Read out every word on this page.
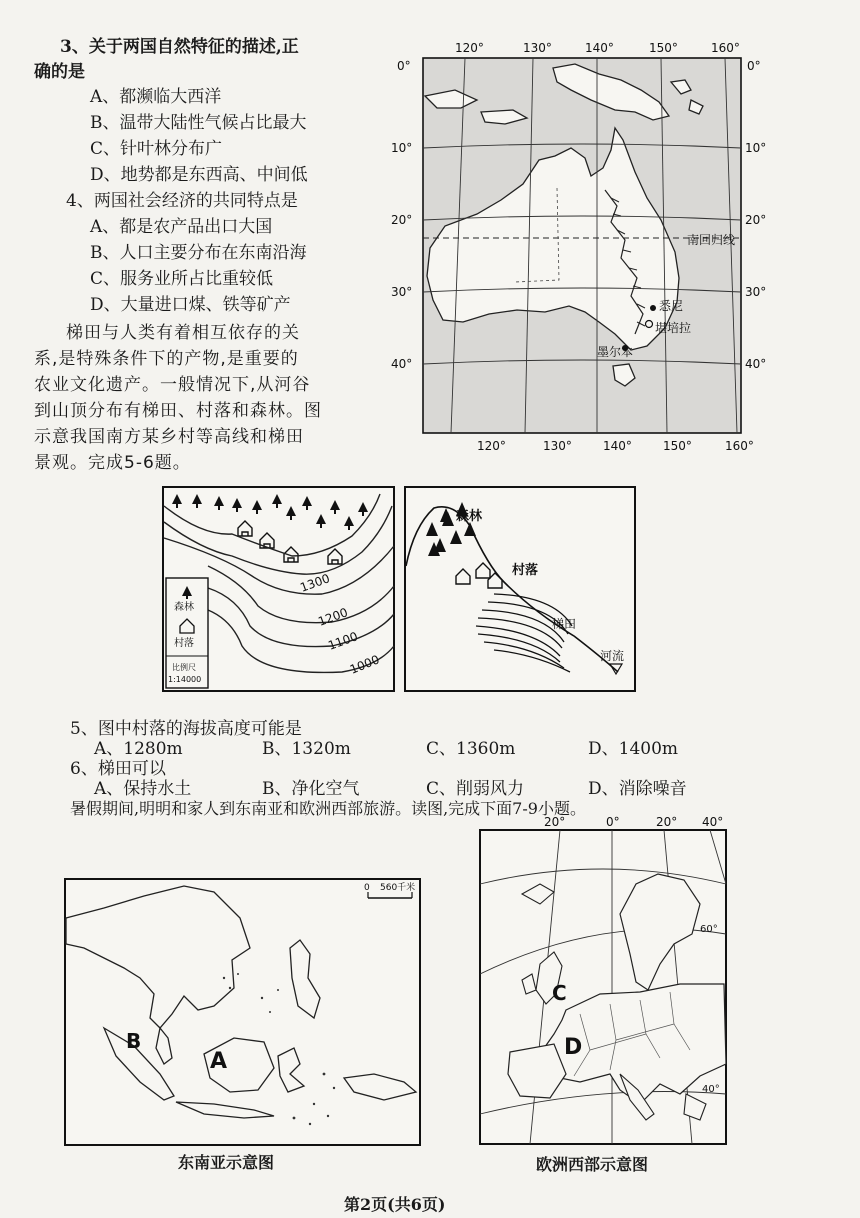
3、关于两国自然特征的描述,正
确的是
A、都濒临大西洋
B、温带大陆性气候占比最大
C、针叶林分布广
D、地势都是东西高、中间低
4、两国社会经济的共同特点是
A、都是农产品出口大国
B、人口主要分布在东南沿海
C、服务业所占比重较低
D、大量进口煤、铁等矿产
梯田与人类有着相互依存的关
系,是特殊条件下的产物,是重要的
农业文化遗产。一般情况下,从河谷
到山顶分布有梯田、村落和森林。图
示意我国南方某乡村等高线和梯田
景观。完成5-6题。
南回归线
悉尼
堪培拉
墨尔本
120°	130°	140°	150°	160°
120°	130°	140°	150°	160°
0°
10°
20°
30°
40°
0°
10°
20°
30°
40°
1300
1200
1100
1000
森林
村落
比例尺
1:14000
森林
村落
梯田
河流
5、图中村落的海拔高度可能是
A、1280m	B、1320m	C、1360m	D、1400m
6、梯田可以
A、保持水土	B、净化空气	C、削弱风力	D、消除噪音
暑假期间,明明和家人到东南亚和欧洲西部旅游。读图,完成下面7-9小题。
0 560千米
B
A
东南亚示意图
20°	0°	20° 40°
60°
40°
C
D
欧洲西部示意图
第2页(共6页)
